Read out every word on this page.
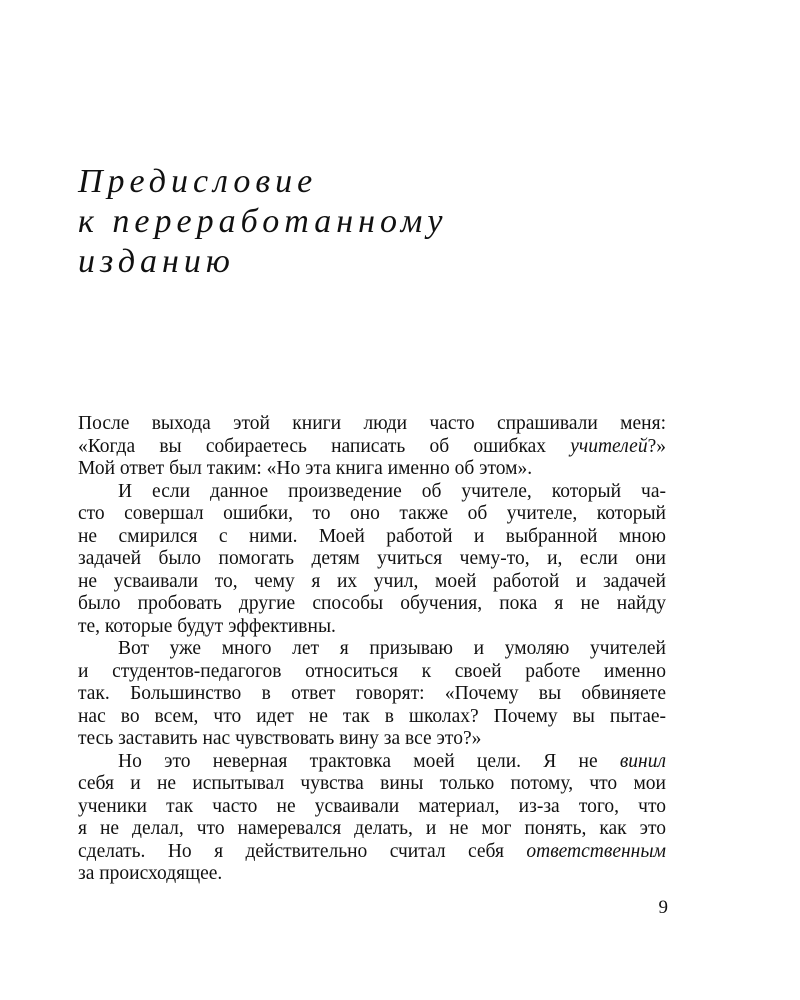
Предисловие
к переработанному
изданию
После выхода этой книги люди часто спрашивали меня:
«Когда вы собираетесь написать об ошибках учителей?»
Мой ответ был таким: «Но эта книга именно об этом».
И если данное произведение об учителе, который ча-
сто совершал ошибки, то оно также об учителе, который
не смирился с ними. Моей работой и выбранной мною
задачей было помогать детям учиться чему-то, и, если они
не усваивали то, чему я их учил, моей работой и задачей
было пробовать другие способы обучения, пока я не найду
те, которые будут эффективны.
Вот уже много лет я призываю и умоляю учителей
и студентов-педагогов относиться к своей работе именно
так. Большинство в ответ говорят: «Почему вы обвиняете
нас во всем, что идет не так в школах? Почему вы пытае-
тесь заставить нас чувствовать вину за все это?»
Но это неверная трактовка моей цели. Я не винил
себя и не испытывал чувства вины только потому, что мои
ученики так часто не усваивали материал, из-за того, что
я не делал, что намеревался делать, и не мог понять, как это
сделать. Но я действительно считал себя ответственным
за происходящее.
9
